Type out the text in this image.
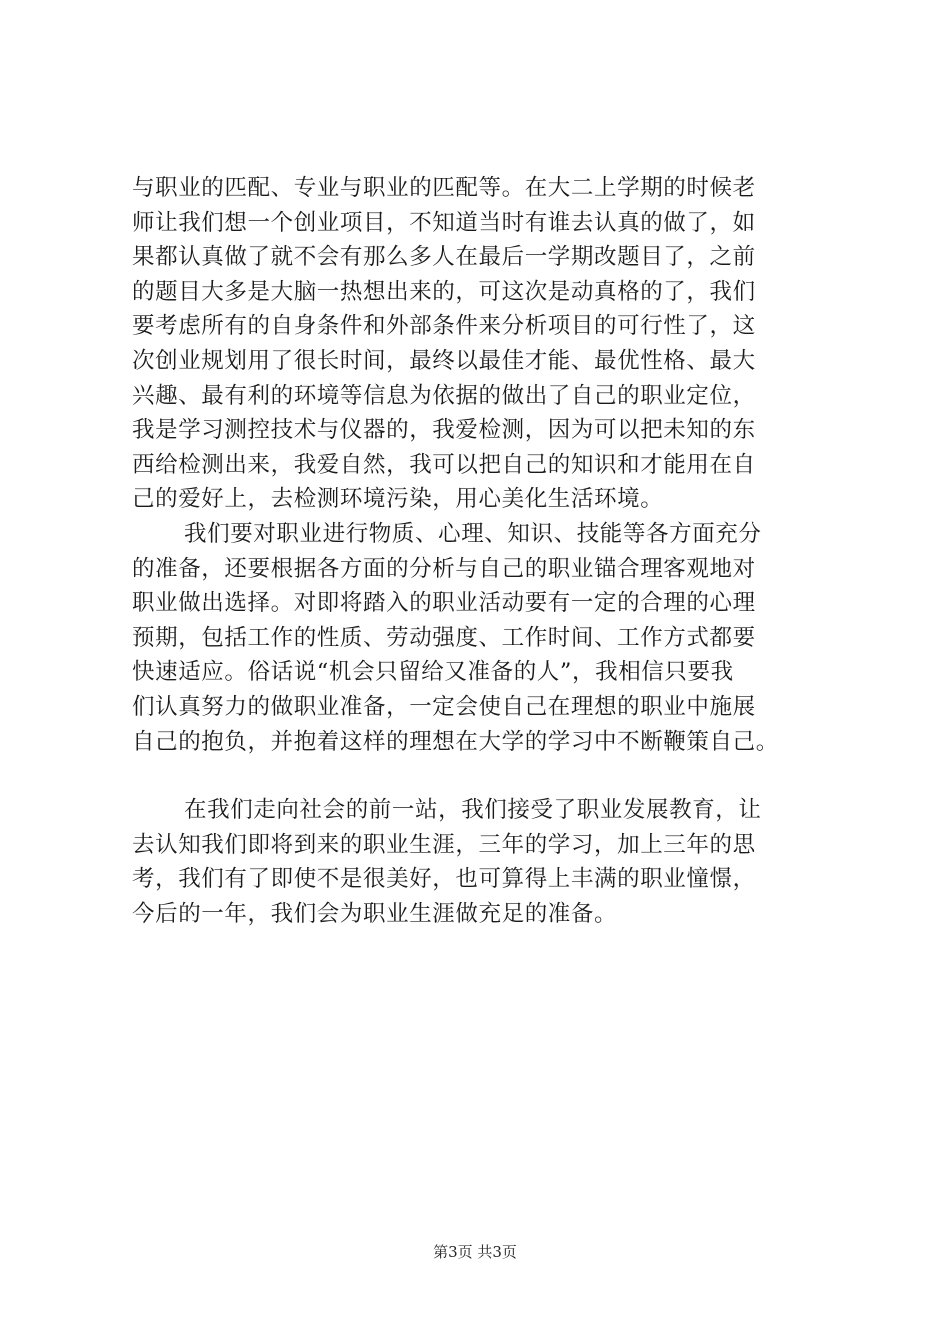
与职业的匹配、专业与职业的匹配等。在大二上学期的时候老
师让我们想一个创业项目，不知道当时有谁去认真的做了，如
果都认真做了就不会有那么多人在最后一学期改题目了，之前
的题目大多是大脑一热想出来的，可这次是动真格的了，我们
要考虑所有的自身条件和外部条件来分析项目的可行性了，这
次创业规划用了很长时间，最终以最佳才能、最优性格、最大
兴趣、最有利的环境等信息为依据的做出了自己的职业定位，
我是学习测控技术与仪器的，我爱检测，因为可以把未知的东
西给检测出来，我爱自然，我可以把自己的知识和才能用在自
己的爱好上，去检测环境污染，用心美化生活环境。
我们要对职业进行物质、心理、知识、技能等各方面充分
的准备，还要根据各方面的分析与自己的职业锚合理客观地对
职业做出选择。对即将踏入的职业活动要有一定的合理的心理
预期，包括工作的性质、劳动强度、工作时间、工作方式都要
快速适应。俗话说“机会只留给又准备的人”，我相信只要我
们认真努力的做职业准备，一定会使自己在理想的职业中施展
自己的抱负，并抱着这样的理想在大学的学习中不断鞭策自己。
在我们走向社会的前一站，我们接受了职业发展教育，让
去认知我们即将到来的职业生涯，三年的学习，加上三年的思
考，我们有了即使不是很美好，也可算得上丰满的职业憧憬，
今后的一年，我们会为职业生涯做充足的准备。
第3页 共3页
